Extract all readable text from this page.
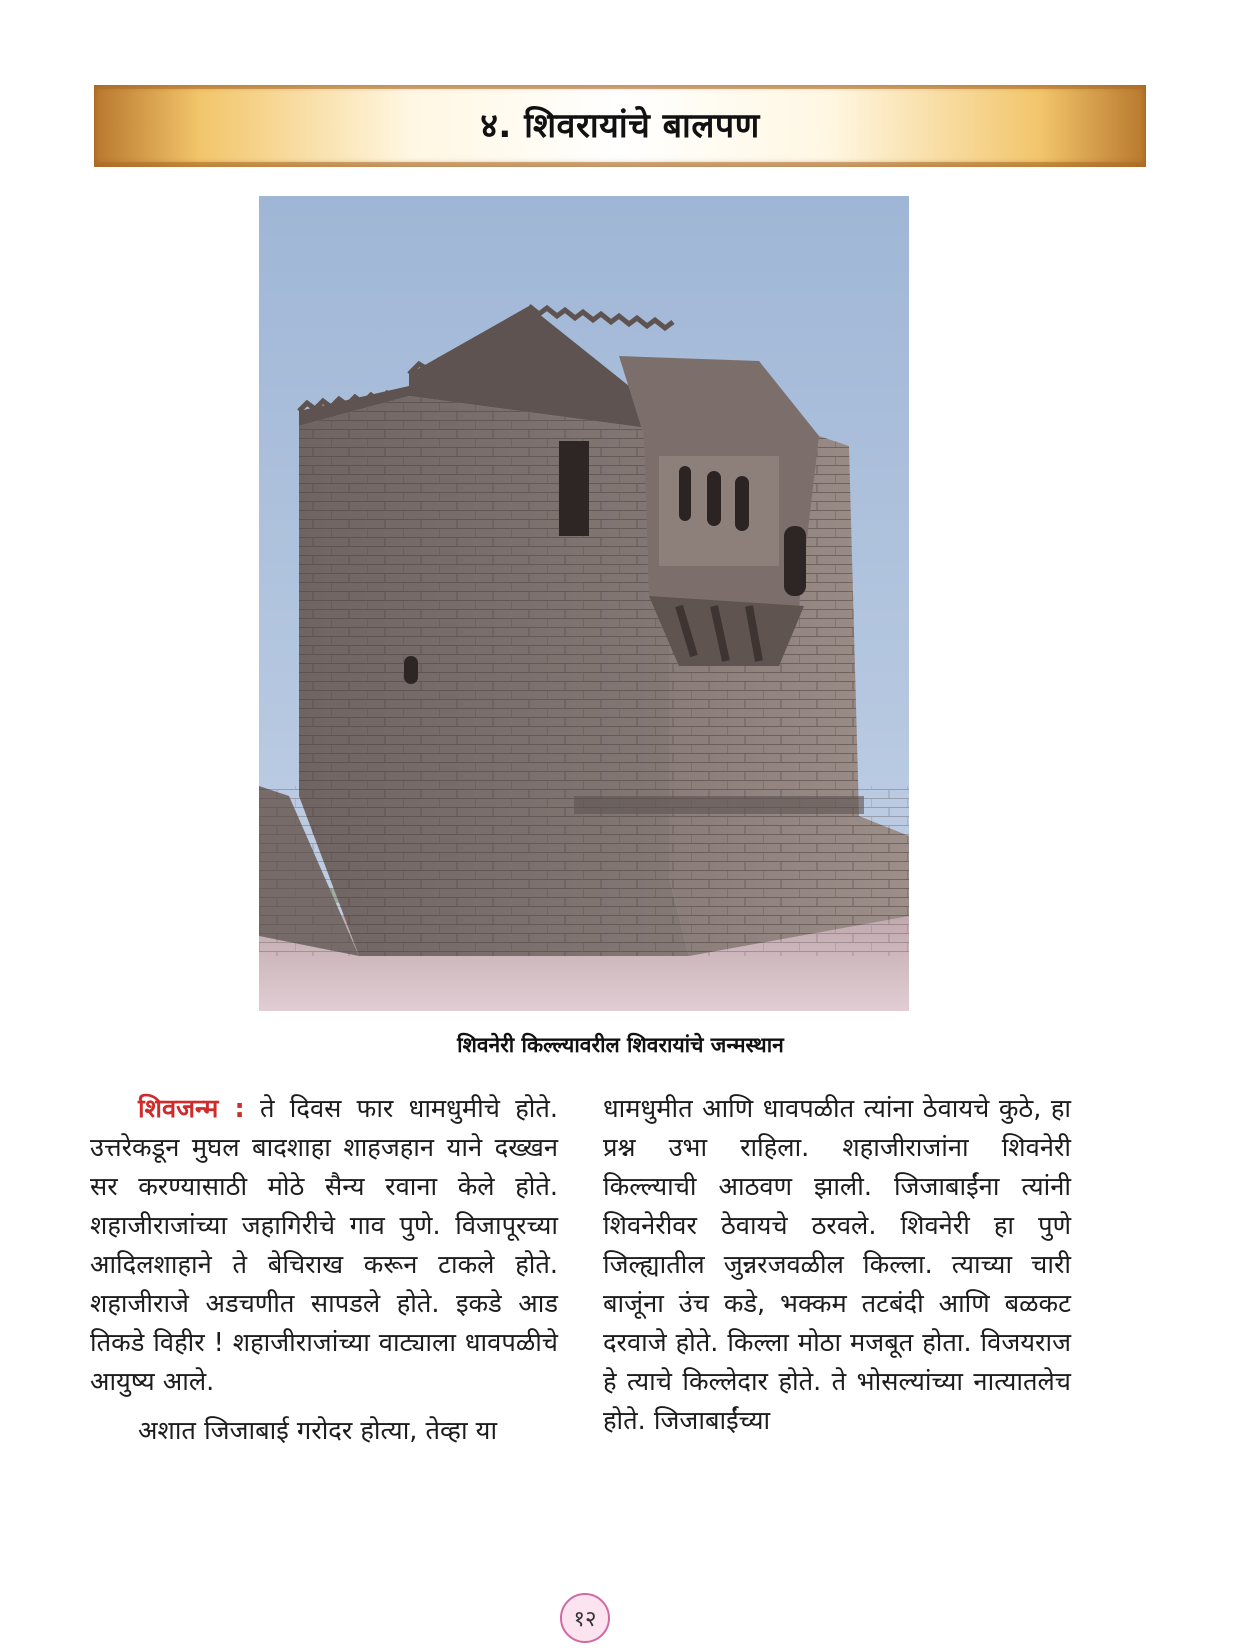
४. शिवरायांचे बालपण
शिवनेरी किल्ल्यावरील शिवरायांचे जन्मस्थान

शिवजन्म : ते दिवस फार धामधुमीचे होते. उत्तरेकडून मुघल बादशाहा शाहजहान याने दख्खन सर करण्यासाठी मोठे सैन्य रवाना केले होते. शहाजीराजांच्या जहागिरीचे गाव पुणे. विजापूरच्या आदिलशाहाने ते बेचिराख करून टाकले होते. शहाजीराजे अडचणीत सापडले होते. इकडे आड तिकडे विहीर ! शहाजीराजांच्या वाट्याला धावपळीचे आयुष्य आले.

अशात जिजाबाई गरोदर होत्या, तेव्हा या

धामधुमीत आणि धावपळीत त्यांना ठेवायचे कुठे, हा प्रश्न उभा राहिला. शहाजीराजांना शिवनेरी किल्ल्याची आठवण झाली. जिजाबाईंना त्यांनी शिवनेरीवर ठेवायचे ठरवले. शिवनेरी हा पुणे जिल्ह्यातील जुन्नरजवळील किल्ला. त्याच्या चारी बाजूंना उंच कडे, भक्कम तटबंदी आणि बळकट दरवाजे होते. किल्ला मोठा मजबूत होता. विजयराज हे त्याचे किल्लेदार होते. ते भोसल्यांच्या नात्यातलेच होते. जिजाबाईंच्या

१२
